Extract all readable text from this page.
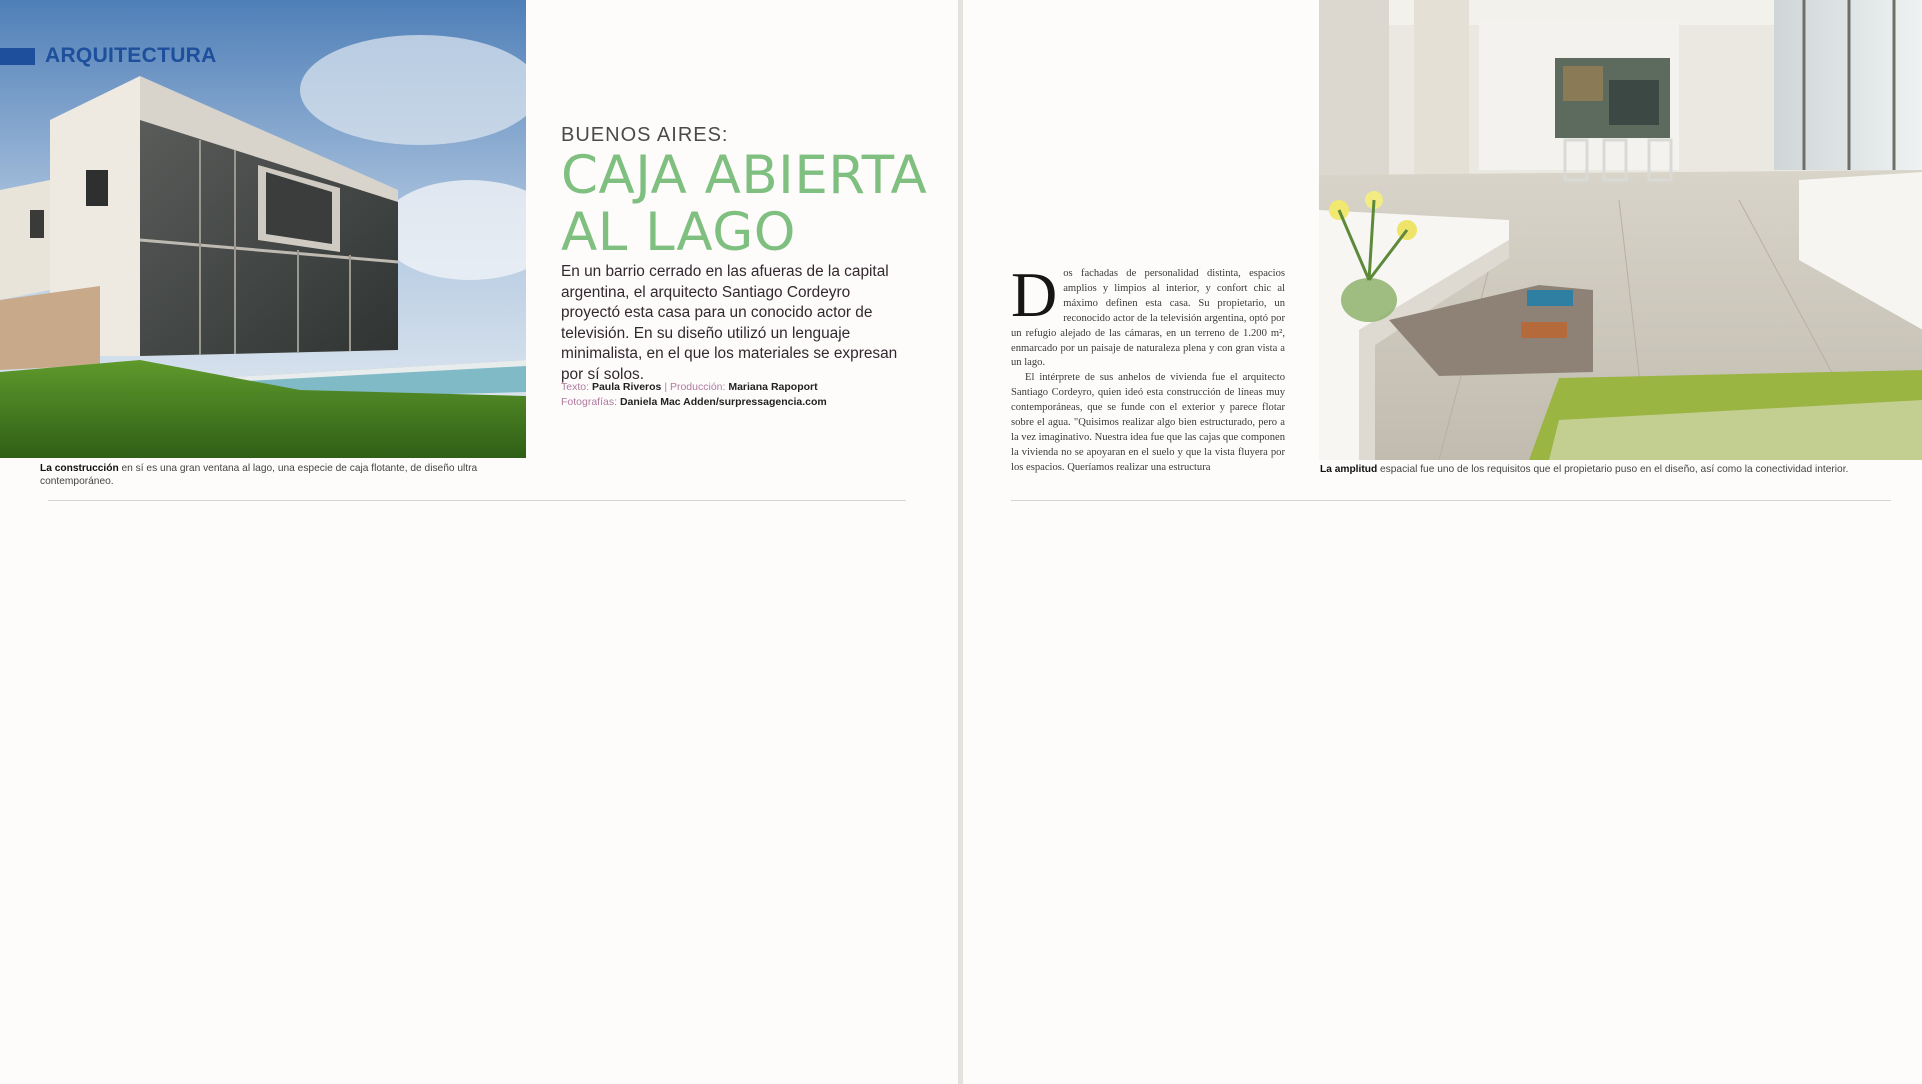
ARQUITECTURA
BUENOS AIRES:
CAJA ABIERTA
AL LAGO

En un barrio cerrado en las afueras de la capital argentina, el arquitecto Santiago Cordeyro proyectó esta casa para un conocido actor de televisión. En su diseño utilizó un lenguaje minimalista, en el que los materiales se expresan por sí solos.

Texto: Paula Riveros | Producción: Mariana Rapoport
Fotografías: Daniela Mac Adden/surpressagencia.com
La construcción en sí es una gran ventana al lago, una especie de caja flotante, de diseño ultra contemporáneo.
D os fachadas de personalidad distinta, espacios amplios y limpios al interior, y confort chic al máximo definen esta casa. Su propietario, un reconocido actor de la televisión argentina, optó por un refugio alejado de las cámaras, en un terreno de 1.200 m², enmarcado por un paisaje de naturaleza plena y con gran vista a un lago.

El intérprete de sus anhelos de vivienda fue el arquitecto Santiago Cordeyro, quien ideó esta construcción de líneas muy contemporáneas, que se funde con el exterior y parece flotar sobre el agua. "Quisimos realizar algo bien estructurado, pero a la vez imaginativo. Nuestra idea fue que las cajas que componen la vivienda no se apoyaran en el suelo y que la vista fluyera por los espacios. Queríamos realizar una estructura	La amplitud espacial fue uno de los requisitos que el propietario puso en el diseño, así como la conectividad interior.
